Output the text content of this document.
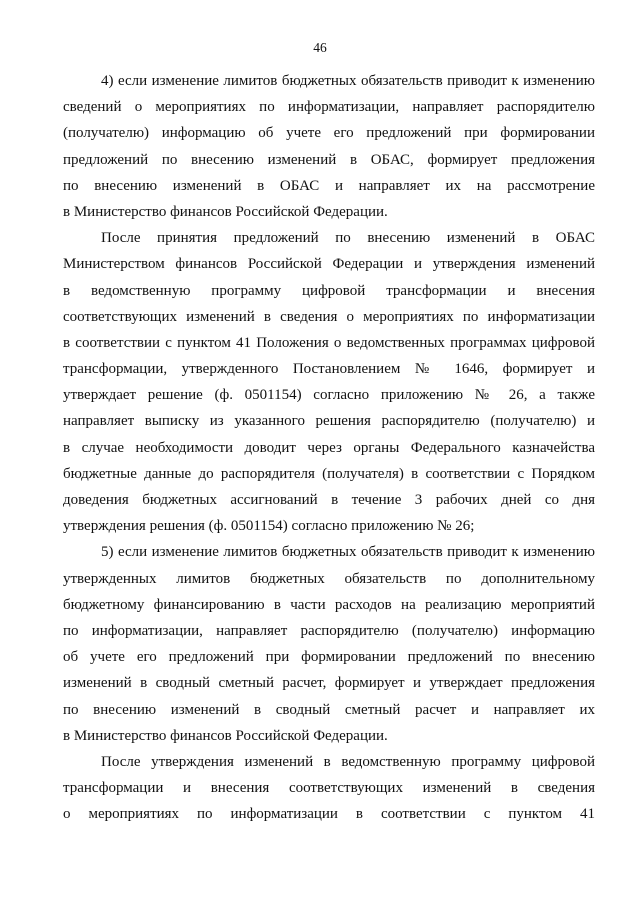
46
4) если изменение лимитов бюджетных обязательств приводит к изменению
сведений о мероприятиях по информатизации, направляет распорядителю
(получателю) информацию об учете его предложений при формировании
предложений по внесению изменений в ОБАС, формирует предложения
по внесению изменений в ОБАС и направляет их на рассмотрение
в Министерство финансов Российской Федерации.
После принятия предложений по внесению изменений в ОБАС
Министерством финансов Российской Федерации и утверждения изменений
в ведомственную программу цифровой трансформации и внесения
соответствующих изменений в сведения о мероприятиях по информатизации
в соответствии с пунктом 41 Положения о ведомственных программах цифровой
трансформации, утвержденного Постановлением № 1646, формирует и
утверждает решение (ф. 0501154) согласно приложению № 26, а также
направляет выписку из указанного решения распорядителю (получателю) и
в случае необходимости доводит через органы Федерального казначейства
бюджетные данные до распорядителя (получателя) в соответствии с Порядком
доведения бюджетных ассигнований в течение 3 рабочих дней со дня
утверждения решения (ф. 0501154) согласно приложению № 26;
5) если изменение лимитов бюджетных обязательств приводит к изменению
утвержденных лимитов бюджетных обязательств по дополнительному
бюджетному финансированию в части расходов на реализацию мероприятий
по информатизации, направляет распорядителю (получателю) информацию
об учете его предложений при формировании предложений по внесению
изменений в сводный сметный расчет, формирует и утверждает предложения
по внесению изменений в сводный сметный расчет и направляет их
в Министерство финансов Российской Федерации.
После утверждения изменений в ведомственную программу цифровой
трансформации и внесения соответствующих изменений в сведения
о мероприятиях по информатизации в соответствии с пунктом 41
